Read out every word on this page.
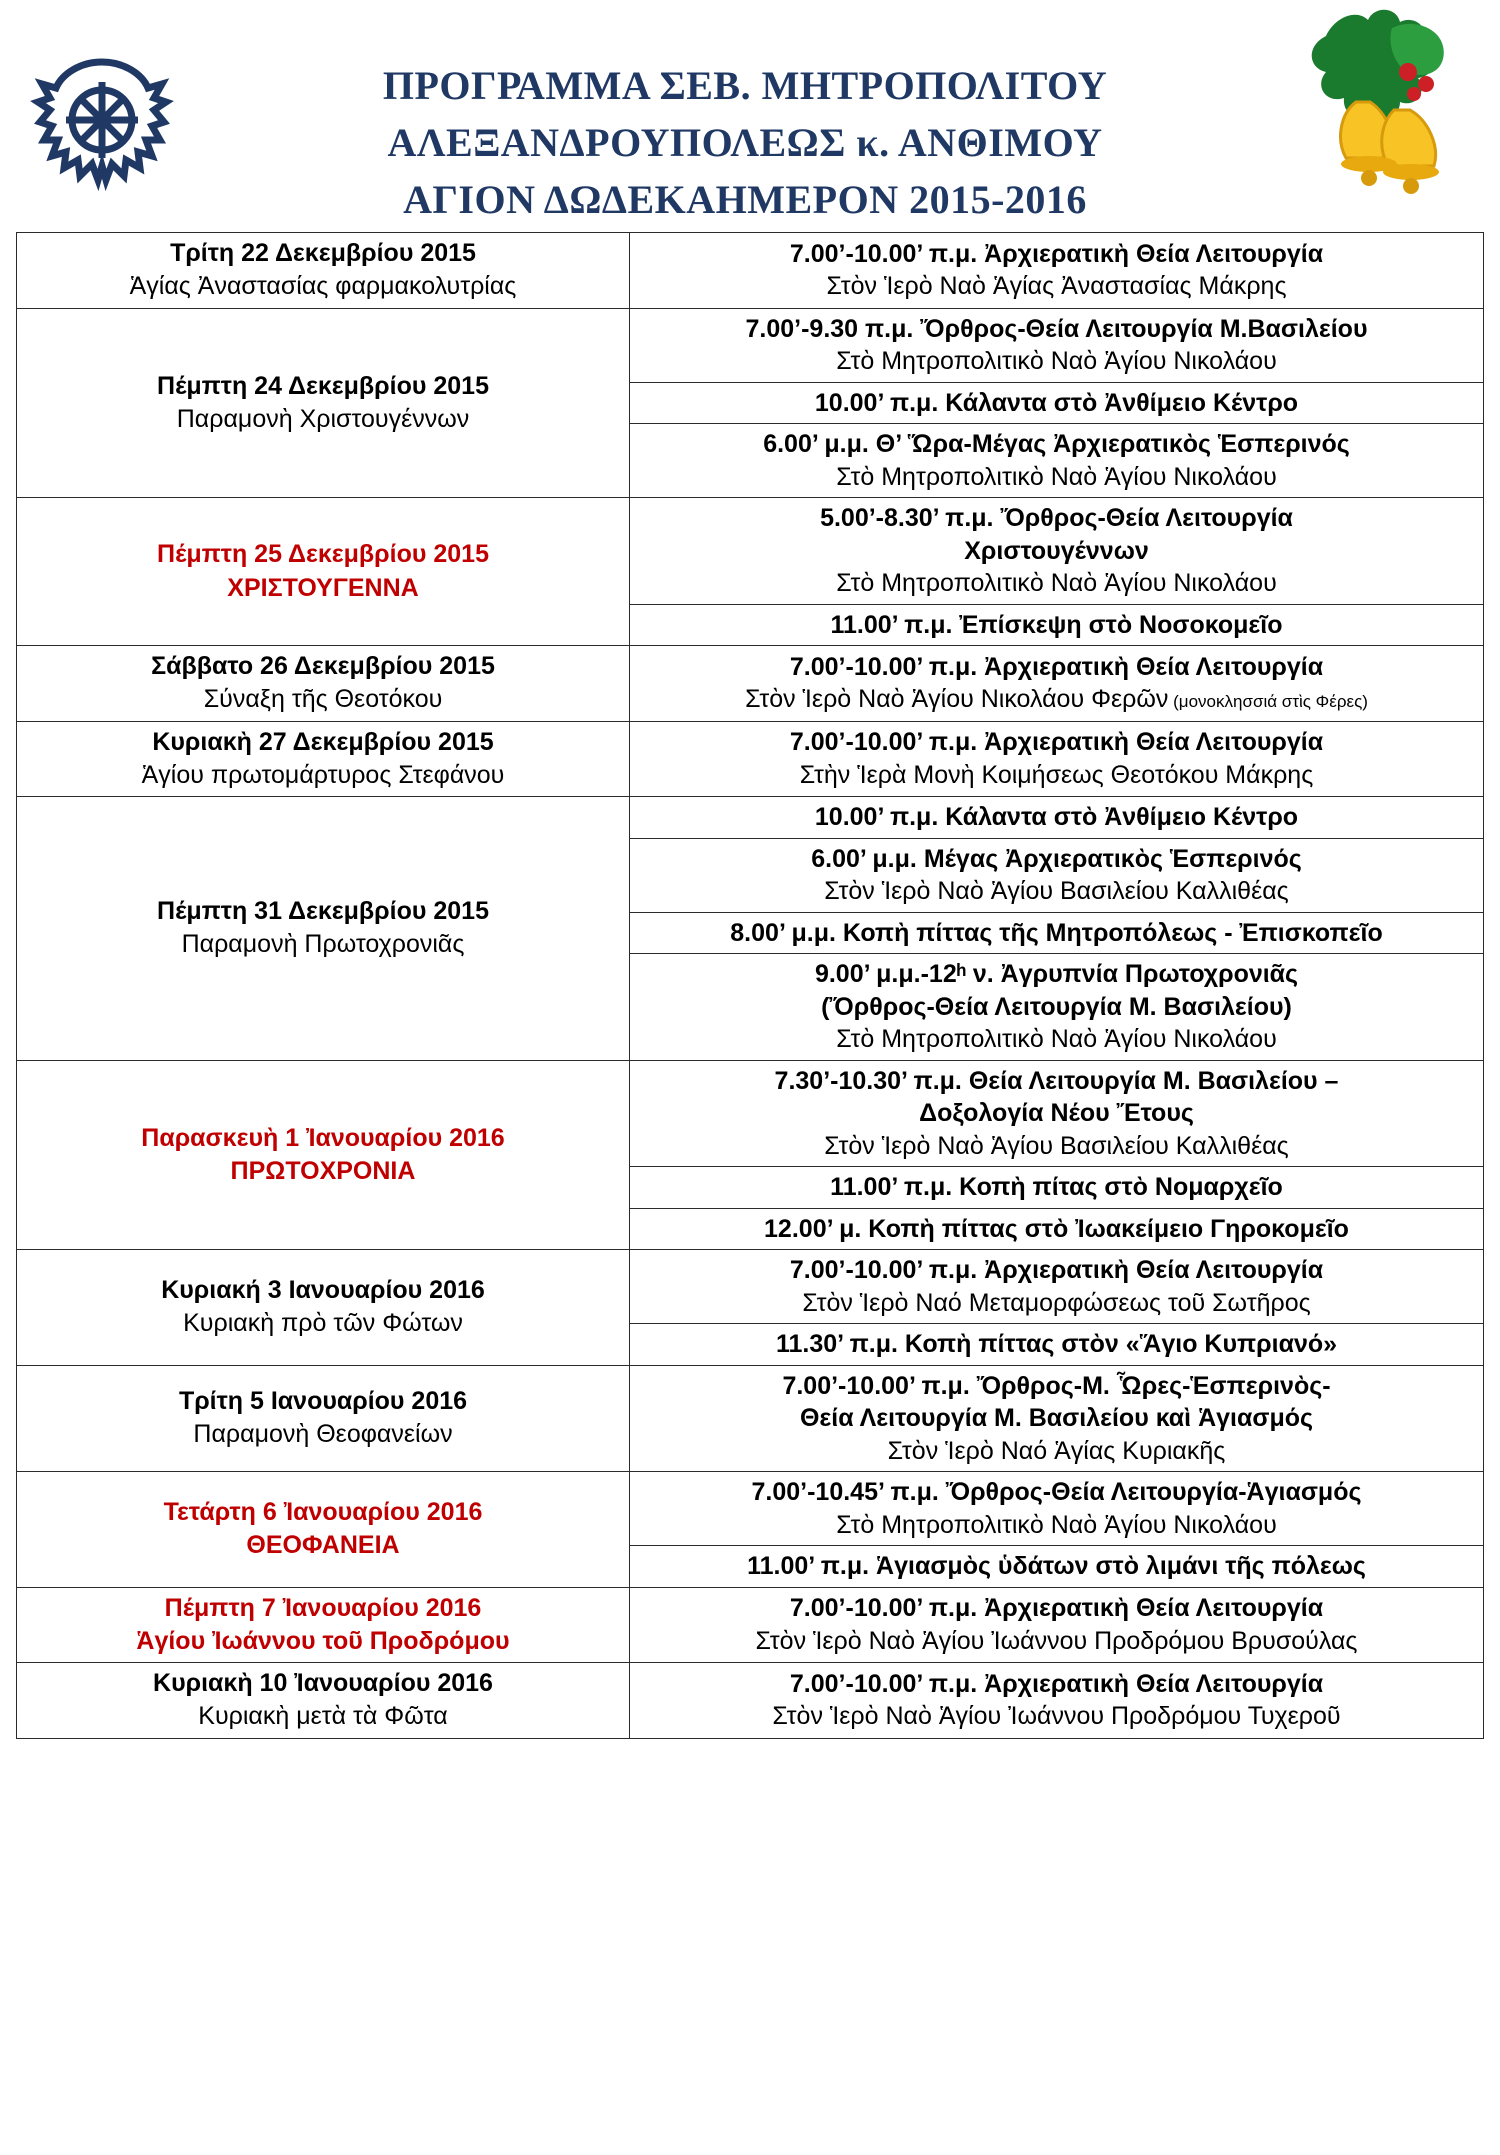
ΠΡΟΓΡΑΜΜΑ ΣΕΒ. ΜΗΤΡΟΠΟΛΙΤΟΥ
ΑΛΕΞΑΝΔΡΟΥΠΟΛΕΩΣ κ. ΑΝΘΙΜΟΥ
ΑΓΙΟΝ ΔΩΔΕΚΑΗΜΕΡΟΝ 2015-2016
Τρίτη 22 Δεκεμβρίου 2015
Ἁγίας Ἀναστασίας φαρμακολυτρίας

7.00’-10.00’ π.μ. Ἀρχιερατικὴ Θεία Λειτουργία
Στὸν Ἱερὸ Ναὸ Ἁγίας Ἀναστασίας Μάκρης

Πέμπτη 24 Δεκεμβρίου 2015
Παραμονὴ Χριστουγέννων

7.00’-9.30 π.μ. Ὄρθρος-Θεία Λειτουργία Μ.Βασιλείου
Στὸ Μητροπολιτικὸ Ναὸ Ἁγίου Νικολάου

	10.00’ π.μ. Κάλαντα στὸ Ἀνθίμειο Κέντρο

	6.00’ μ.μ. Θ’ Ὥρα-Μέγας Ἀρχιερατικὸς Ἑσπερινός
Στὸ Μητροπολιτικὸ Ναὸ Ἁγίου Νικολάου

Πέμπτη 25 Δεκεμβρίου 2015
ΧΡΙΣΤΟΥΓΕΝΝΑ

5.00’-8.30’ π.μ. Ὄρθρος-Θεία Λειτουργία
Χριστουγέννων
Στὸ Μητροπολιτικὸ Ναὸ Ἁγίου Νικολάου

	11.00’ π.μ. Ἐπίσκεψη στὸ Νοσοκομεῖο

Σάββατο 26 Δεκεμβρίου 2015
Σύναξη τῆς Θεοτόκου

7.00’-10.00’ π.μ. Ἀρχιερατικὴ Θεία Λειτουργία
Στὸν Ἱερὸ Ναὸ Ἁγίου Νικολάου Φερῶν (μονοκλησσιά στὶς Φέρες)

Κυριακὴ 27 Δεκεμβρίου 2015
Ἁγίου πρωτομάρτυρος Στεφάνου

7.00’-10.00’ π.μ. Ἀρχιερατικὴ Θεία Λειτουργία
Στὴν Ἱερὰ Μονὴ Κοιμήσεως Θεοτόκου Μάκρης

Πέμπτη 31 Δεκεμβρίου 2015
Παραμονὴ Πρωτοχρονιᾶς	10.00’ π.μ. Κάλαντα στὸ Ἀνθίμειο Κέντρο

	6.00’ μ.μ. Μέγας Ἀρχιερατικὸς Ἑσπερινός
Στὸν Ἱερὸ Ναὸ Ἁγίου Βασιλείου Καλλιθέας

	8.00’ μ.μ. Κοπὴ πίττας τῆς Μητροπόλεως - Ἐπισκοπεῖο

	9.00’ μ.μ.-12ʰ ν. Ἀγρυπνία Πρωτοχρονιᾶς
(Ὄρθρος-Θεία Λειτουργία Μ. Βασιλείου)
Στὸ Μητροπολιτικὸ Ναὸ Ἁγίου Νικολάου

Παρασκευὴ 1 Ἰανουαρίου 2016
ΠΡΩΤΟΧΡΟΝΙΑ

7.30’-10.30’ π.μ. Θεία Λειτουργία Μ. Βασιλείου –
Δοξολογία Νέου Ἔτους
Στὸν Ἱερὸ Ναὸ Ἁγίου Βασιλείου Καλλιθέας

	11.00’ π.μ. Κοπὴ πίτας στὸ Νομαρχεῖο

	12.00’ μ. Κοπὴ πίττας στὸ Ἰωακείμειο Γηροκομεῖο

Κυριακή 3 Ιανουαρίου 2016
Κυριακὴ πρὸ τῶν Φώτων

7.00’-10.00’ π.μ. Ἀρχιερατικὴ Θεία Λειτουργία
Στὸν Ἱερὸ Ναό Μεταμορφώσεως τοῦ Σωτῆρος

	11.30’ π.μ. Κοπὴ πίττας στὸν «Ἅγιο Κυπριανό»

Τρίτη 5 Ιανουαρίου 2016
Παραμονὴ Θεοφανείων

7.00’-10.00’ π.μ. Ὄρθρος-Μ. Ὧρες-Ἑσπερινὸς-
Θεία Λειτουργία Μ. Βασιλείου καὶ Ἁγιασμός
Στὸν Ἱερὸ Ναό Ἁγίας Κυριακῆς

Τετάρτη 6 Ἰανουαρίου 2016
ΘΕΟΦΑΝΕΙΑ

7.00’-10.45’ π.μ. Ὄρθρος-Θεία Λειτουργία-Ἁγιασμός
Στὸ Μητροπολιτικὸ Ναὸ Ἁγίου Νικολάου

	11.00’ π.μ. Ἁγιασμὸς ὑδάτων στὸ λιμάνι τῆς πόλεως

Πέμπτη 7 Ἰανουαρίου 2016
Ἁγίου Ἰωάννου τοῦ Προδρόμου

7.00’-10.00’ π.μ. Ἀρχιερατικὴ Θεία Λειτουργία
Στὸν Ἱερὸ Ναὸ Ἁγίου Ἰωάννου Προδρόμου Βρυσούλας

Κυριακὴ 10 Ἰανουαρίου 2016
Κυριακὴ μετὰ τὰ Φῶτα

7.00’-10.00’ π.μ. Ἀρχιερατικὴ Θεία Λειτουργία
Στὸν Ἱερὸ Ναὸ Ἁγίου Ἰωάννου Προδρόμου Τυχεροῦ
